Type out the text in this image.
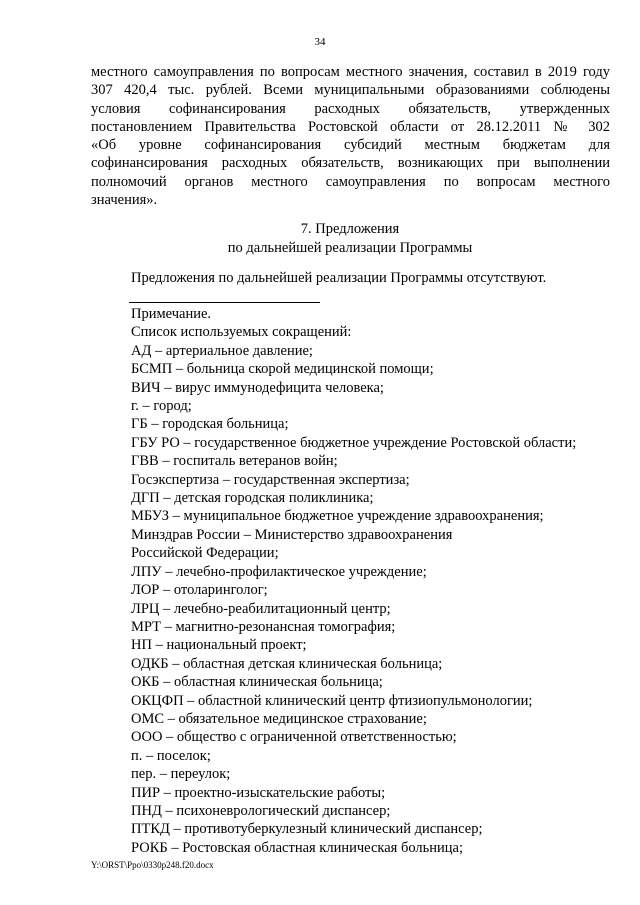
34
местного самоуправления по вопросам местного значения, составил в 2019 году
307 420,4 тыс. рублей. Всеми муниципальными образованиями соблюдены
условия софинансирования расходных обязательств, утвержденных
постановлением Правительства Ростовской области от 28.12.2011 № 302
«Об уровне софинансирования субсидий местным бюджетам для
софинансирования расходных обязательств, возникающих при выполнении
полномочий органов местного самоуправления по вопросам местного
значения».
7. Предложения
по дальнейшей реализации Программы
Предложения по дальнейшей реализации Программы отсутствуют.
Примечание.
Список используемых сокращений:
АД – артериальное давление;
БСМП – больница скорой медицинской помощи;
ВИЧ – вирус иммунодефицита человека;
г. – город;
ГБ – городская больница;
ГБУ РО – государственное бюджетное учреждение Ростовской области;
ГВВ – госпиталь ветеранов войн;
Госэкспертиза – государственная экспертиза;
ДГП – детская городская поликлиника;
МБУЗ – муниципальное бюджетное учреждение здравоохранения;
Минздрав России – Министерство здравоохранения
Российской Федерации;
ЛПУ – лечебно-профилактическое учреждение;
ЛОР – отоларинголог;
ЛРЦ – лечебно-реабилитационный центр;
МРТ – магнитно-резонансная томография;
НП – национальный проект;
ОДКБ – областная детская клиническая больница;
ОКБ – областная клиническая больница;
ОКЦФП – областной клинический центр фтизиопульмонологии;
ОМС – обязательное медицинское страхование;
ООО – общество с ограниченной ответственностью;
п. – поселок;
пер. – переулок;
ПИР – проектно-изыскательские работы;
ПНД – психоневрологический диспансер;
ПТКД – противотуберкулезный клинический диспансер;
РОКБ – Ростовская областная клиническая больница;
Y:\ORST\Ppo\0330p248.f20.docx
